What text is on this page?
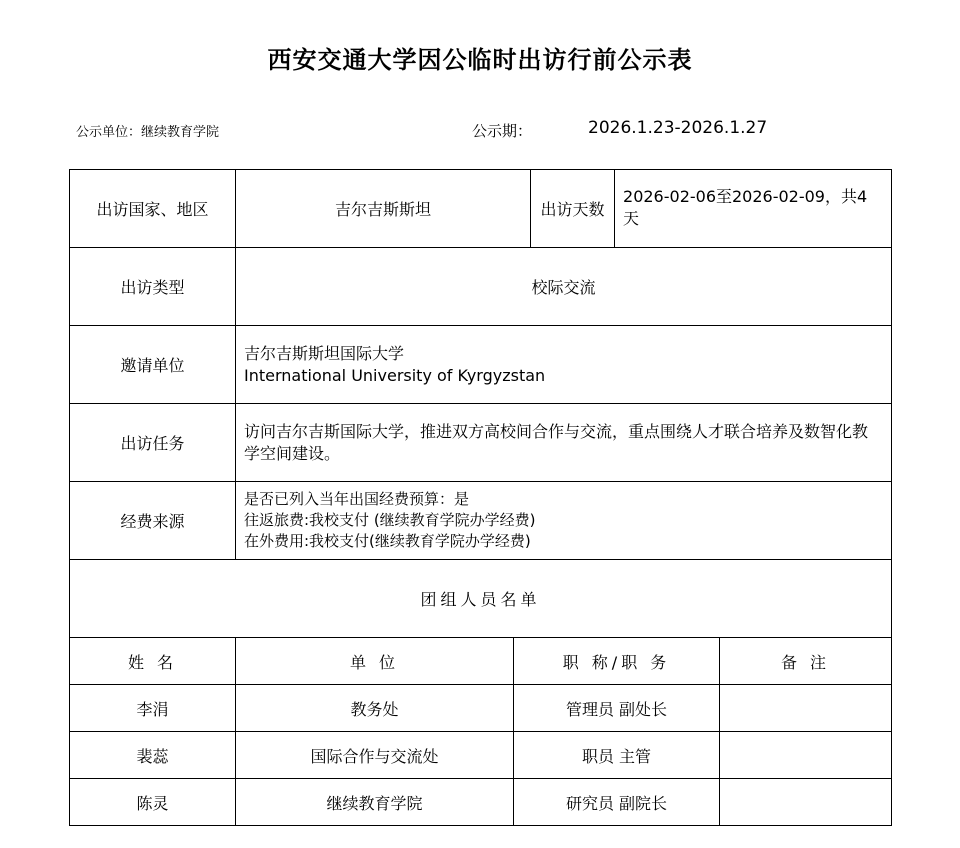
西安交通大学因公临时出访行前公示表
公示单位：继续教育学院	公示期：	2026.1.23-2026.1.27
出访国家、地区	吉尔吉斯斯坦		出访天数	2026-02-06至2026-02-09，共4天	
出访类型	校际交流				
邀请单位	吉尔吉斯斯坦国际大学
International University of Kyrgyzstan				

出访任务	访问吉尔吉斯国际大学，推进双方高校间合作与交流，重点围绕人才联合培养及数智化教学空间建设。				
经费来源	是否已列入当年出国经费预算：是
往返旅费:我校支付 (继续教育学院办学经费)
在外费用:我校支付(继续教育学院办学经费)				

团组人员名单					
姓 名	单 位	职 称/职 务			备 注
李涓	教务处	管理员 副处长			
裴蕊	国际合作与交流处	职员 主管			
陈灵	继续教育学院	研究员 副院长			
